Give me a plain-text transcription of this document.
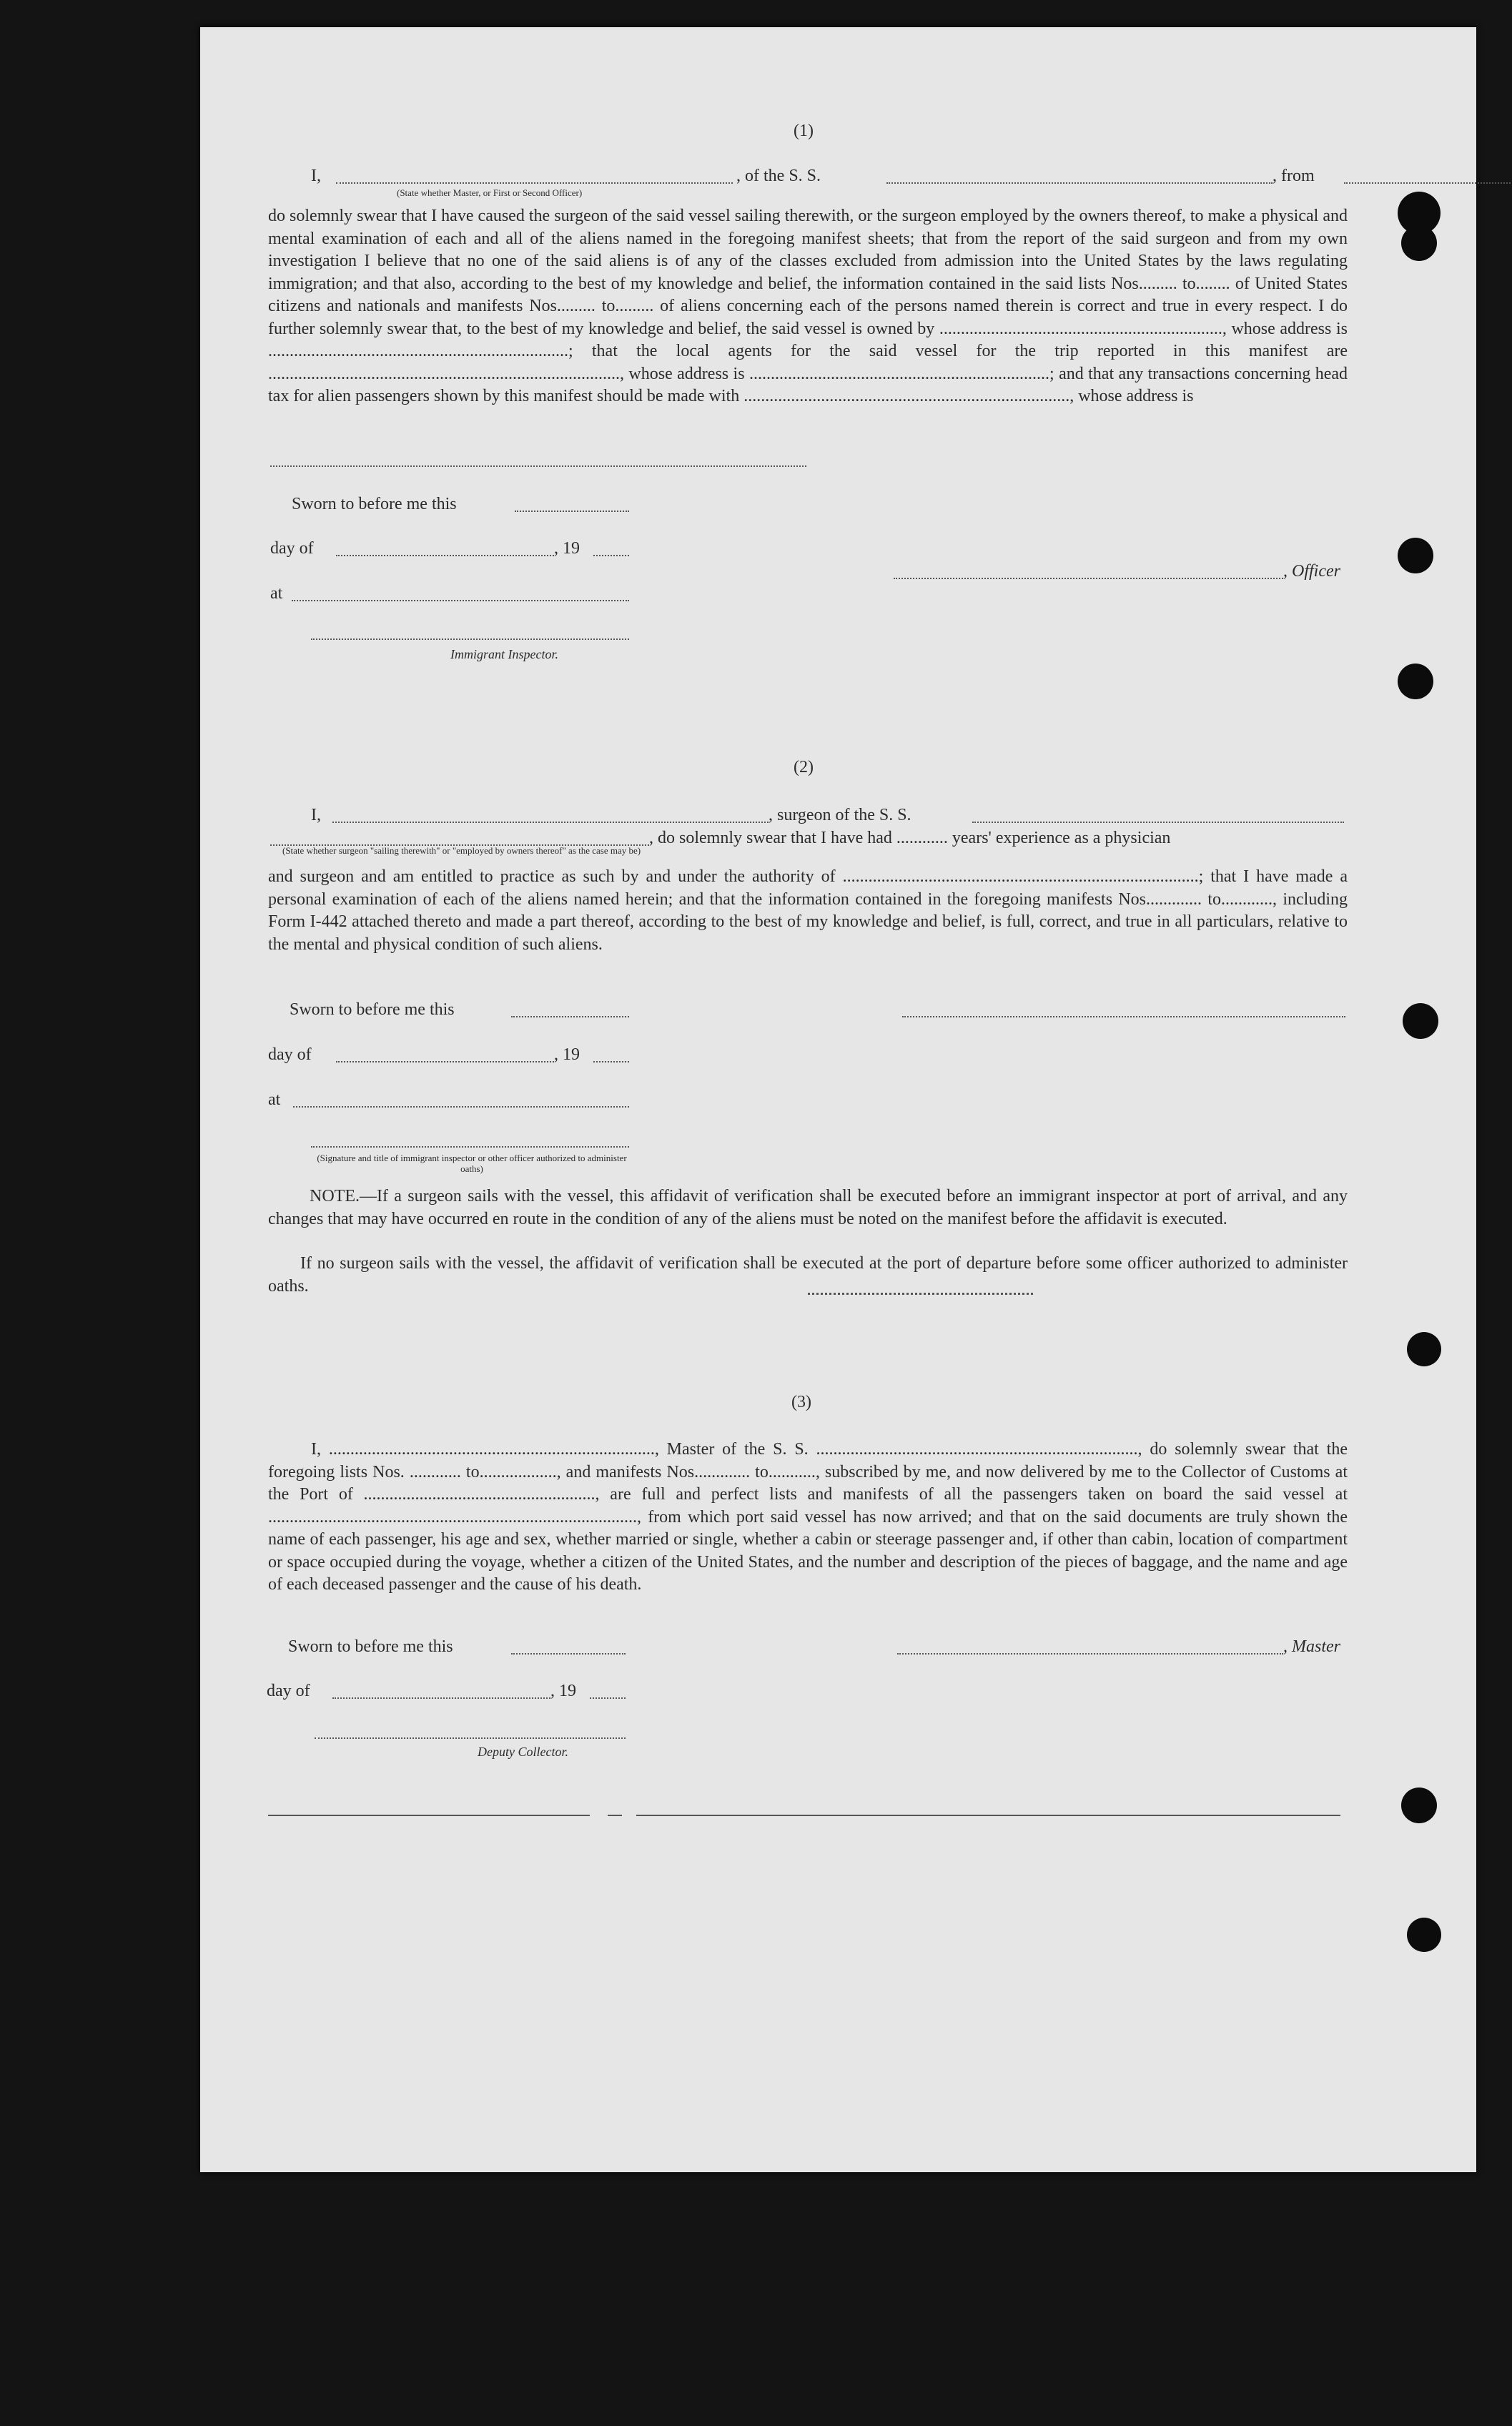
(1)
I,	, of the S. S.	, from
(State whether Master, or First or Second Officer)
do solemnly swear that I have caused the surgeon of the said vessel sailing therewith, or the surgeon employed by the owners thereof, to make a physical and mental examination of each and all of the aliens named in the foregoing manifest sheets; that from the report of the said surgeon and from my own investigation I believe that no one of the said aliens is of any of the classes excluded from admission into the United States by the laws regulating immigration; and that also, according to the best of my knowledge and belief, the information contained in the said lists Nos......... to........ of United States citizens and nationals and manifests Nos......... to......... of aliens concerning each of the persons named therein is correct and true in every respect. I do further solemnly swear that, to the best of my knowledge and belief, the said vessel is owned by .................................................................., whose address is ......................................................................; that the local agents for the said vessel for the trip reported in this manifest are .................................................................................., whose address is ......................................................................; and that any transactions concerning head tax for alien passengers shown by this manifest should be made with ............................................................................, whose address is
Sworn to before me this
day of	, 19
at
, Officer
Immigrant Inspector.
(2)
I,	, surgeon of the S. S.
, do solemnly swear that I have had ............ years' experience as a physician
(State whether surgeon "sailing therewith" or "employed by owners thereof" as the case may be)
and surgeon and am entitled to practice as such by and under the authority of ...................................................................................; that I have made a personal examination of each of the aliens named herein; and that the information contained in the foregoing manifests Nos............. to............, including Form I-442 attached thereto and made a part thereof, according to the best of my knowledge and belief, is full, correct, and true in all particulars, relative to the mental and physical condition of such aliens.
Sworn to before me this
day of	, 19
at
(Signature and title of immigrant inspector or other officer authorized to administer oaths)
NOTE.—If a surgeon sails with the vessel, this affidavit of verification shall be executed before an immigrant inspector at port of arrival, and any changes that may have occurred en route in the condition of any of the aliens must be noted on the manifest before the affidavit is executed.
If no surgeon sails with the vessel, the affidavit of verification shall be executed at the port of departure before some officer authorized to administer oaths.
(3)
I, ............................................................................, Master of the S. S. ..........................................................................., do solemnly swear that the foregoing lists Nos. ............ to.................., and manifests Nos............. to..........., subscribed by me, and now delivered by me to the Collector of Customs at the Port of ......................................................, are full and perfect lists and manifests of all the passengers taken on board the said vessel at ......................................................................................, from which port said vessel has now arrived; and that on the said documents are truly shown the name of each passenger, his age and sex, whether married or single, whether a cabin or steerage passenger and, if other than cabin, location of compartment or space occupied during the voyage, whether a citizen of the United States, and the number and description of the pieces of baggage, and the name and age of each deceased passenger and the cause of his death.
Sworn to before me this	, Master
day of	, 19
Deputy Collector.
